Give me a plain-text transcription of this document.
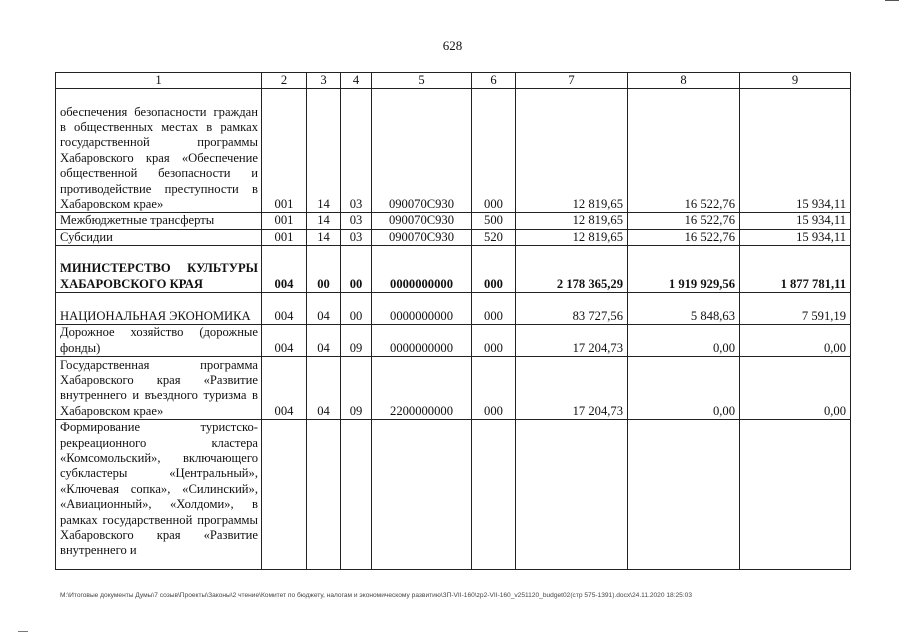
628
1	2	3	4	5	6	7	8	9
обеспечения безопасности граждан в общественных местах в рамках государственной программы Хабаровского края «Обеспечение общественной безопасности и противодействие преступности в Хабаровском крае»	001	14	03	090070С930	000	12 819,65	16 522,76	15 934,11
Межбюджетные трансферты	001	14	03	090070С930	500	12 819,65	16 522,76	15 934,11
Субсидии	001	14	03	090070С930	520	12 819,65	16 522,76	15 934,11
МИНИСТЕРСТВО КУЛЬТУРЫ ХАБАРОВСКОГО КРАЯ	004	00	00	0000000000	000	2 178 365,29	1 919 929,56	1 877 781,11
НАЦИОНАЛЬНАЯ ЭКОНОМИКА	004	04	00	0000000000	000	83 727,56	5 848,63	7 591,19
Дорожное хозяйство (дорожные фонды)	004	04	09	0000000000	000	17 204,73	0,00	0,00
Государственная программа Хабаровского края «Развитие внутреннего и въездного туризма в Хабаровском крае»	004	04	09	2200000000	000	17 204,73	0,00	0,00
Формирование туристско-рекреационного кластера «Комсомольский», включающего субкластеры «Центральный», «Ключевая сопка», «Силинский», «Авиационный», «Холдоми», в рамках государственной программы Хабаровского края «Развитие внутреннего и								
M:\Итоговые документы Думы\7 созыв\Проекты\Законы\2 чтение\Комитет по бюджету, налогам и экономическому развитию\ЗП-VII-160\zp2-VII-160_v251120_budget02(стр 575-1391).docx\24.11.2020 18:25:03
